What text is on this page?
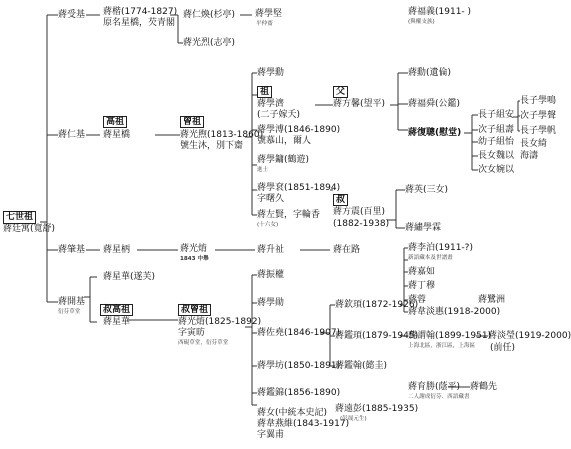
七世祖
蔣廷寓(寬舒)
蔣受基
蔣仁基
蔣肇基
蔣開基
衍芬草堂
蔣楷(1774-1827)
原名星橋，芡青閣
高祖
蔣星橋
蔣星柄
蔣星華(遂芙)
叔高祖
蔣星華
蔣仁煥(杉亭)
蔣光烈(志亭)
曾祖
蔣光煦(1813-1860)
號生沐，別下齋
蔣光焴
1843 中舉
叔曾祖
蔣光焴(1825-1892)
字寅昉
西硯草堂，衍芬草堂
蔣學堅
平仲齋
蔣學勳
祖
蔣學濟
(二子嫁夭)
蔣學溥(1846-1890)
號慕山，爾人
蔣學鏞(鶴遊)
進士
蔣學袞(1851-1894)
字曙久
蔣左賢，字輪香
(十六女)
蔣升祉
蔣振權
蔣學勛
蔣佐堯(1846-1907)
蔣學坊(1850-1891)
蔣鑑錦(1856-1890)
蔣女(中統本史記)
蔣韋燕維(1843-1917)
字翼甫
父
蔣方馨(望平)
叔
蔣方震(百里)
(1882-1938)
蔣在路
蔣欽頊(1872-1926)
蔣鑑頊(1879-1945)
蔣鑑翰(懿圭)
蔣遠彭(1885-1935)
(彭晟元生)
蔣育勝(蔭平)
二人謝成衍芬．西語藏書
蔣福義(1911- )
(與權支族)
蔣勳(遺倫)
蔣福舜(公鑑)
蔣復聰(慰堂)
蔣英(三女)
蔣繡學霖
蔣李泊(1911-?)
新語藏本及世譜畫
蔣嘉如
蔣丁穆
蔣蓉
蔣韋淡惠(1918-2000)
蔣謂翰(1899-1951)
上海北區，浙江區，上海區
蔣淡瑩(1919-2000)
(前任)
蔣鶴先
長子組安
次子組壽
幼子組怡
長女魏以
次女婉以
海濤
長子學鳴
次子學聲
長子學帆
長女綺
蔣鷺洲
